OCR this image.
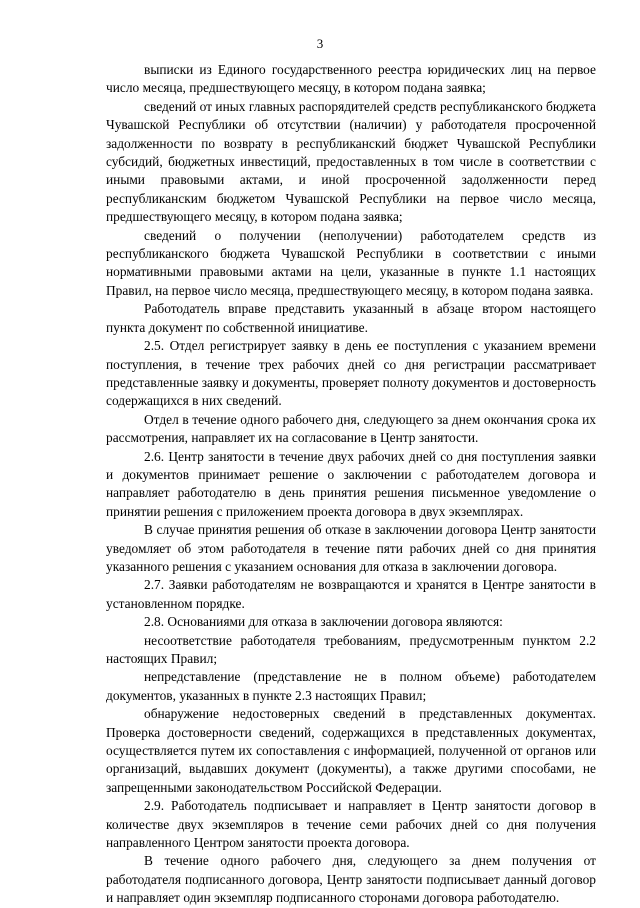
3

выписки из Единого государственного реестра юридических лиц на первое число месяца, предшествующего месяцу, в котором подана заявка;

сведений от иных главных распорядителей средств республиканского бюджета Чувашской Республики об отсутствии (наличии) у работодателя просроченной задолженности по возврату в республиканский бюджет Чувашской Республики субсидий, бюджетных инвестиций, предоставленных в том числе в соответствии с иными правовыми актами, и иной просроченной задолженности перед республиканским бюджетом Чувашской Республики на первое число месяца, предшествующего месяцу, в котором подана заявка;

сведений о получении (неполучении) работодателем средств из республиканского бюджета Чувашской Республики в соответствии с иными нормативными правовыми актами на цели, указанные в пункте 1.1 настоящих Правил, на первое число месяца, предшествующего месяцу, в котором подана заявка.

Работодатель вправе представить указанный в абзаце втором настоящего пункта документ по собственной инициативе.

2.5. Отдел регистрирует заявку в день ее поступления с указанием времени поступления, в течение трех рабочих дней со дня регистрации рассматривает представленные заявку и документы, проверяет полноту документов и достоверность содержащихся в них сведений.

Отдел в течение одного рабочего дня, следующего за днем окончания срока их рассмотрения, направляет их на согласование в Центр занятости.

2.6. Центр занятости в течение двух рабочих дней со дня поступления заявки и документов принимает решение о заключении с работодателем договора и направляет работодателю в день принятия решения письменное уведомление о принятии решения с приложением проекта договора в двух экземплярах.

В случае принятия решения об отказе в заключении договора Центр занятости уведомляет об этом работодателя в течение пяти рабочих дней со дня принятия указанного решения с указанием основания для отказа в заключении договора.

2.7. Заявки работодателям не возвращаются и хранятся в Центре занятости в установленном порядке.

2.8. Основаниями для отказа в заключении договора являются:

несоответствие работодателя требованиям, предусмотренным пунктом 2.2 настоящих Правил;

непредставление (представление не в полном объеме) работодателем документов, указанных в пункте 2.3 настоящих Правил;

обнаружение недостоверных сведений в представленных документах. Проверка достоверности сведений, содержащихся в представленных документах, осуществляется путем их сопоставления с информацией, полученной от органов или организаций, выдавших документ (документы), а также другими способами, не запрещенными законодательством Российской Федерации.

2.9. Работодатель подписывает и направляет в Центр занятости договор в количестве двух экземпляров в течение семи рабочих дней со дня получения направленного Центром занятости проекта договора.

В течение одного рабочего дня, следующего за днем получения от работодателя подписанного договора, Центр занятости подписывает данный договор и направляет один экземпляр подписанного сторонами договора работодателю.
